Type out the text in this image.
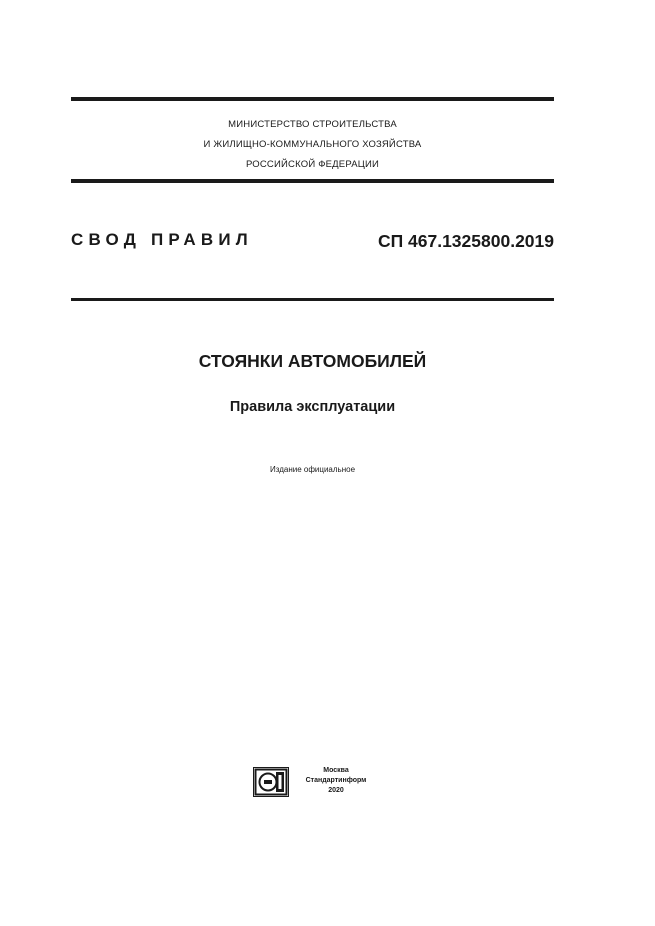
МИНИСТЕРСТВО СТРОИТЕЛЬСТВА
И ЖИЛИЩНО-КОММУНАЛЬНОГО ХОЗЯЙСТВА
РОССИЙСКОЙ ФЕДЕРАЦИИ
СВОД ПРАВИЛ	СП 467.1325800.2019
СТОЯНКИ АВТОМОБИЛЕЙ
Правила эксплуатации
Издание официальное
Москва
Стандартинформ
2020
